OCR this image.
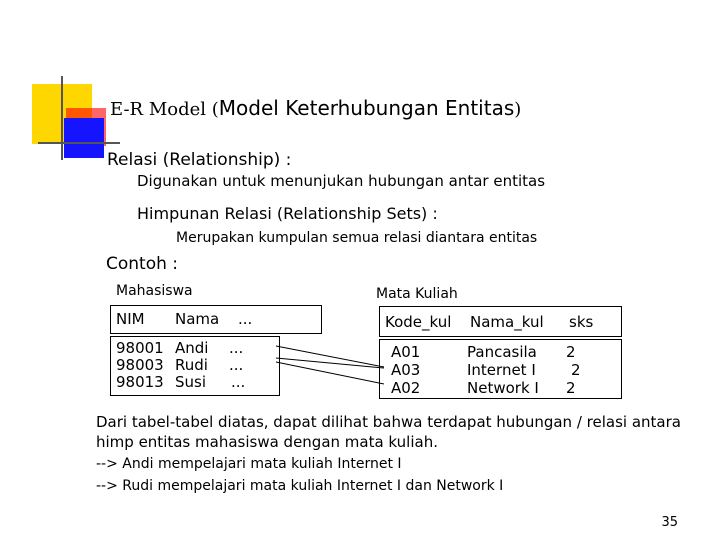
E-R Model (Model Keterhubungan Entitas)
Relasi (Relationship) :
Digunakan untuk menunjukan hubungan antar entitas
Himpunan Relasi (Relationship Sets) :
Merupakan kumpulan semua relasi diantara entitas
Contoh :
Mahasiswa
NIM Nama ...
98001 Andi ...
98003 Rudi ...
98013 Susi ...
Mata Kuliah
Kode_kul Nama_kul sks
A01	Pancasila 2
A03	Internet I 2
A02	Network I 2
Dari tabel-tabel diatas, dapat dilihat bahwa terdapat hubungan / relasi antara himp entitas mahasiswa dengan mata kuliah.
--> Andi mempelajari mata kuliah Internet I
--> Rudi mempelajari mata kuliah Internet I dan Network I
35
